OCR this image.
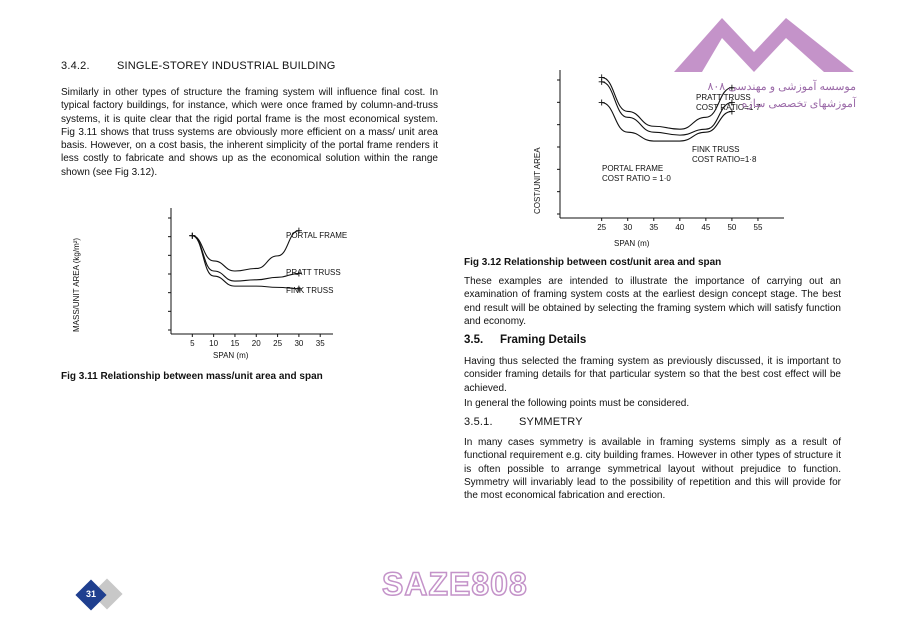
3.4.2. SINGLE-STOREY INDUSTRIAL BUILDING

Similarly in other types of structure the framing system will influence final cost. In typical factory buildings, for instance, which were once framed by column-and-truss systems, it is quite clear that the rigid portal frame is the most economical system. Fig 3.11 shows that truss systems are obviously more efficient on a mass/ unit area basis. However, on a cost basis, the inherent simplicity of the portal frame renders it less costly to fabricate and shows up as the economical solution within the range shown (see Fig 3.12).

5 10 15 20 25 30 35
MASS/UNIT AREA (kg/m²)
SPAN (m)
PORTAL FRAME
PRATT TRUSS
FINK TRUSS
Fig 3.11 Relationship between mass/unit area and span
25 30 35 40 45 50 55
COST/UNIT AREA
SPAN (m)
PRATT TRUSS
COST RATIO=1·7
FINK TRUSS
COST RATIO=1·8
PORTAL FRAME
COST RATIO = 1·0
Fig 3.12 Relationship between cost/unit area and span

These examples are intended to illustrate the importance of carrying out an examination of framing system costs at the earliest design concept stage. The best end result will be obtained by selecting the framing system which will satisfy function and economy.

3.5. Framing Details

Having thus selected the framing system as previously discussed, it is important to consider framing details for that particular system so that the best cost effect will be achieved.

In general the following points must be considered.

3.5.1. SYMMETRY

In many cases symmetry is available in framing systems simply as a result of functional requirement e.g. city building frames. However in other types of structure it is often possible to arrange symmetrical layout without prejudice to function. Symmetry will invariably lead to the possibility of repetition and this will provide for the most economical fabrication and erection.

موسسه آموزشی و مهندسی ۸۰۸
آموزشهای تخصصی سازه
SAZE808
31
